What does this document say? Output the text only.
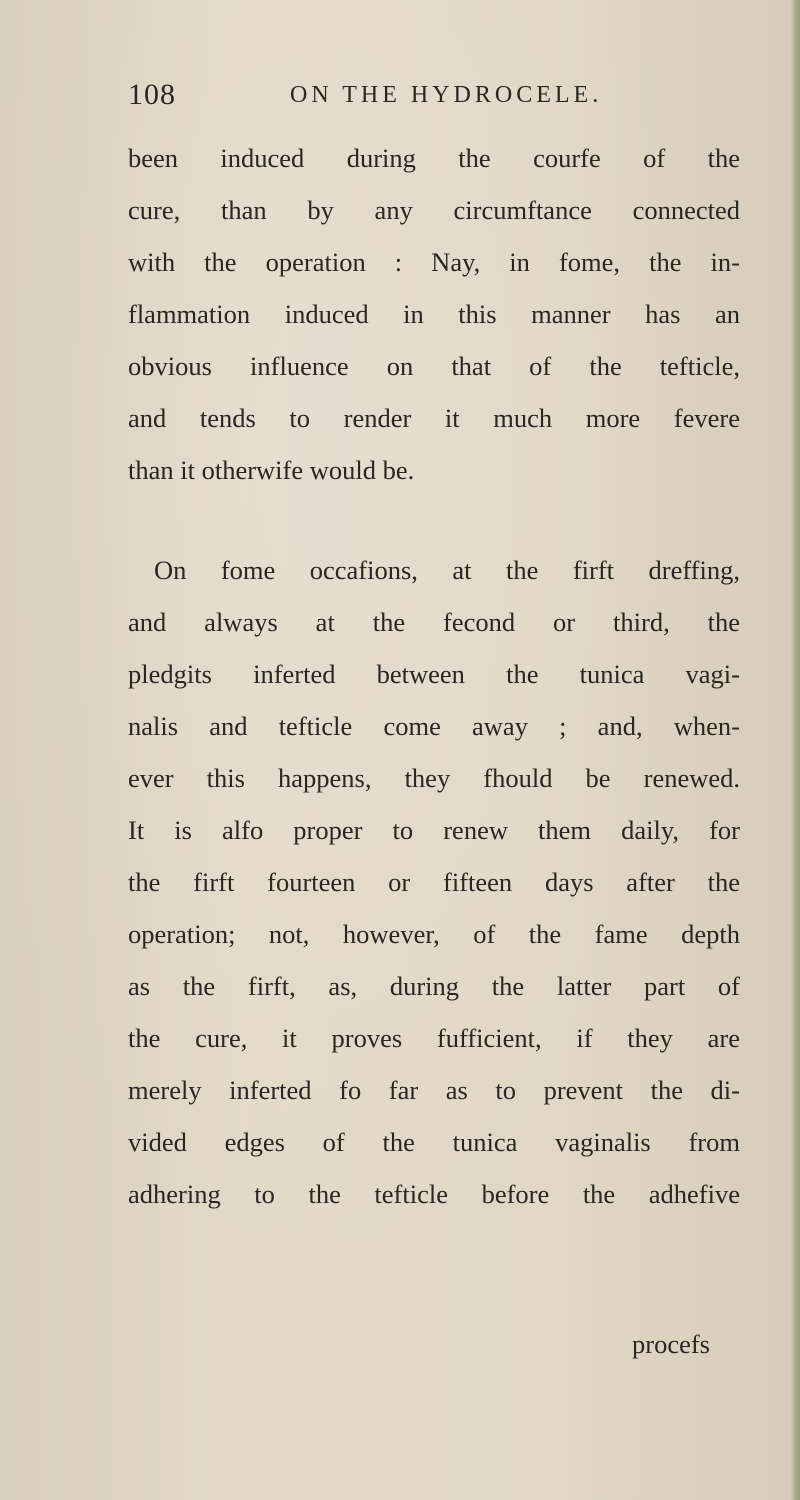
108	ON THE HYDROCELE.
been induced during the courfe of the
cure, than by any circumftance connected
with the operation : Nay, in fome, the in-
flammation induced in this manner has an
obvious influence on that of the tefticle,
and tends to render it much more fevere
than it otherwife would be.
On fome occafions, at the firft dreffing,
and always at the fecond or third, the
pledgits inferted between the tunica vagi-
nalis and tefticle come away ; and, when-
ever this happens, they fhould be renewed.
It is alfo proper to renew them daily, for
the firft fourteen or fifteen days after the
operation; not, however, of the fame depth
as the firft, as, during the latter part of
the cure, it proves fufficient, if they are
merely inferted fo far as to prevent the di-
vided edges of the tunica vaginalis from
adhering to the tefticle before the adhefive
procefs
